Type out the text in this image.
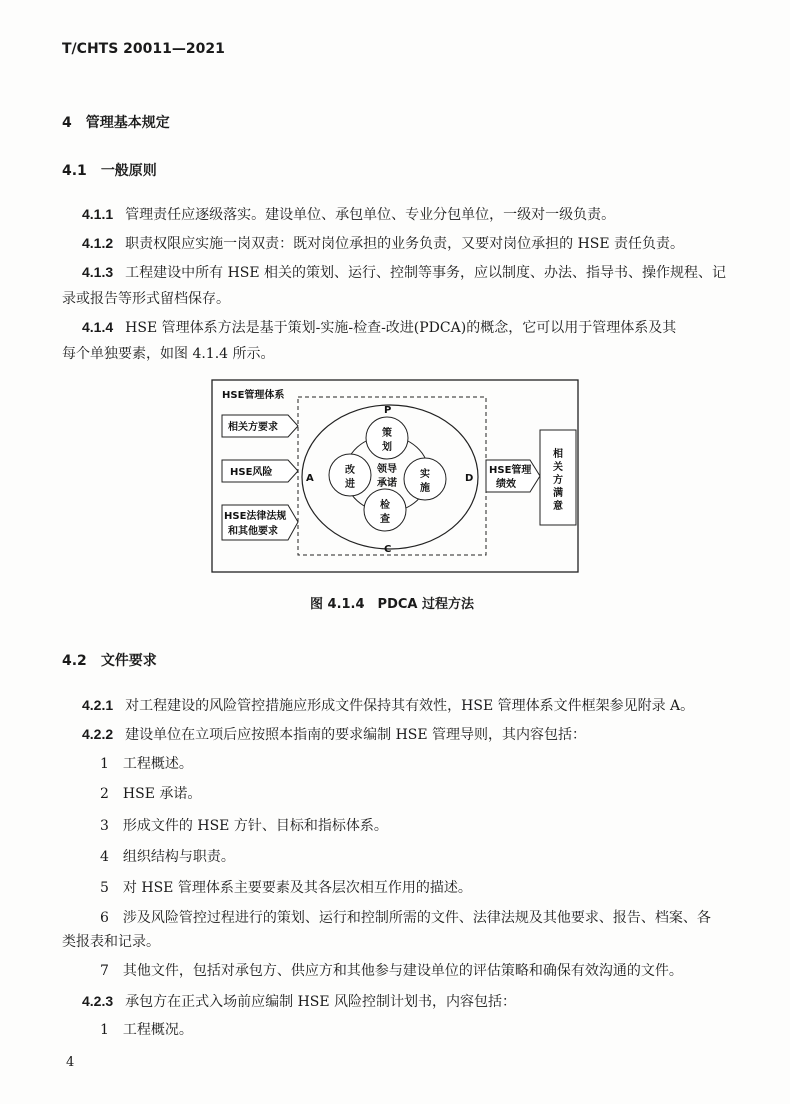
T/CHTS 20011—2021
4 管理基本规定
4.1 一般原则
4.1.1 管理责任应逐级落实。建设单位、承包单位、专业分包单位，一级对一级负责。
4.1.2 职责权限应实施一岗双责：既对岗位承担的业务负责，又要对岗位承担的 HSE 责任负责。
4.1.3 工程建设中所有 HSE 相关的策划、运行、控制等事务，应以制度、办法、指导书、操作规程、记
录或报告等形式留档保存。
4.1.4 HSE 管理体系方法是基于策划-实施-检查-改进(PDCA)的概念，它可以用于管理体系及其
每个单独要素，如图 4.1.4 所示。
HSE管理体系
P
C
A	D
策
划
改
进
实
施
检
查
领导
承诺
相关方要求
HSE风险
HSE法律法规
和其他要求
HSE管理
绩效
相
关
方
满
意
图 4.1.4　PDCA 过程方法
4.2 文件要求
4.2.1 对工程建设的风险管控措施应形成文件保持其有效性，HSE 管理体系文件框架参见附录 A。
4.2.2 建设单位在立项后应按照本指南的要求编制 HSE 管理导则，其内容包括：
1 工程概述。
2 HSE 承诺。
3 形成文件的 HSE 方针、目标和指标体系。
4 组织结构与职责。
5 对 HSE 管理体系主要要素及其各层次相互作用的描述。
6 涉及风险管控过程进行的策划、运行和控制所需的文件、法律法规及其他要求、报告、档案、各
类报表和记录。
7 其他文件，包括对承包方、供应方和其他参与建设单位的评估策略和确保有效沟通的文件。
4.2.3 承包方在正式入场前应编制 HSE 风险控制计划书，内容包括：
1 工程概况。
4
